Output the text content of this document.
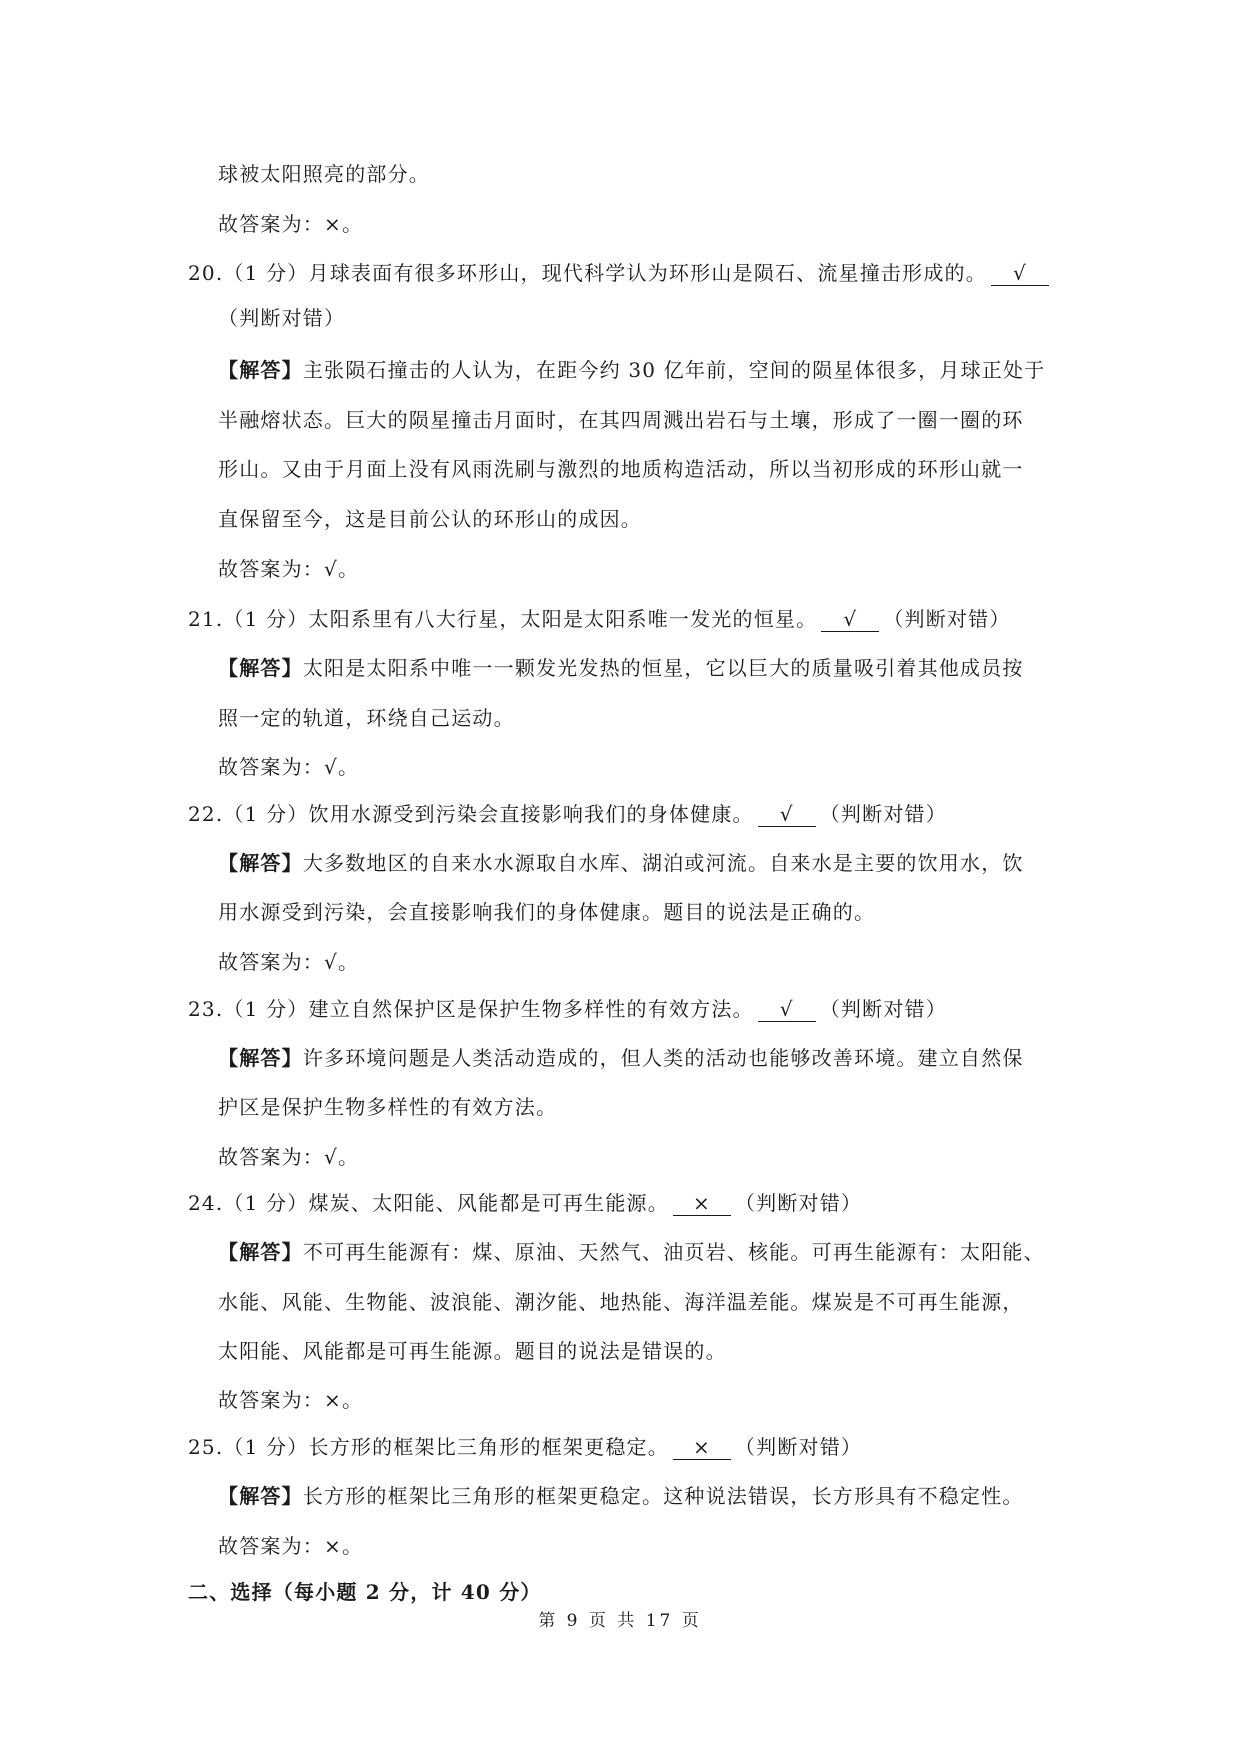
球被太阳照亮的部分。
故答案为：×。
20.（1 分）月球表面有很多环形山，现代科学认为环形山是陨石、流星撞击形成的。 √
（判断对错）
【解答】主张陨石撞击的人认为，在距今约 30 亿年前，空间的陨星体很多，月球正处于
半融熔状态。巨大的陨星撞击月面时，在其四周溅出岩石与土壤，形成了一圈一圈的环
形山。又由于月面上没有风雨洗刷与激烈的地质构造活动，所以当初形成的环形山就一
直保留至今，这是目前公认的环形山的成因。
故答案为：√。
21.（1 分）太阳系里有八大行星，太阳是太阳系唯一发光的恒星。 √ （判断对错）
【解答】太阳是太阳系中唯一一颗发光发热的恒星，它以巨大的质量吸引着其他成员按
照一定的轨道，环绕自己运动。
故答案为：√。
22.（1 分）饮用水源受到污染会直接影响我们的身体健康。 √ （判断对错）
【解答】大多数地区的自来水水源取自水库、湖泊或河流。自来水是主要的饮用水，饮
用水源受到污染，会直接影响我们的身体健康。题目的说法是正确的。
故答案为：√。
23.（1 分）建立自然保护区是保护生物多样性的有效方法。 √ （判断对错）
【解答】许多环境问题是人类活动造成的，但人类的活动也能够改善环境。建立自然保
护区是保护生物多样性的有效方法。
故答案为：√。
24.（1 分）煤炭、太阳能、风能都是可再生能源。 × （判断对错）
【解答】不可再生能源有：煤、原油、天然气、油页岩、核能。可再生能源有：太阳能、
水能、风能、生物能、波浪能、潮汐能、地热能、海洋温差能。煤炭是不可再生能源，
太阳能、风能都是可再生能源。题目的说法是错误的。
故答案为：×。
25.（1 分）长方形的框架比三角形的框架更稳定。 × （判断对错）
【解答】长方形的框架比三角形的框架更稳定。这种说法错误，长方形具有不稳定性。
故答案为：×。
二、选择（每小题 2 分，计 40 分）
第 9 页 共 17 页
